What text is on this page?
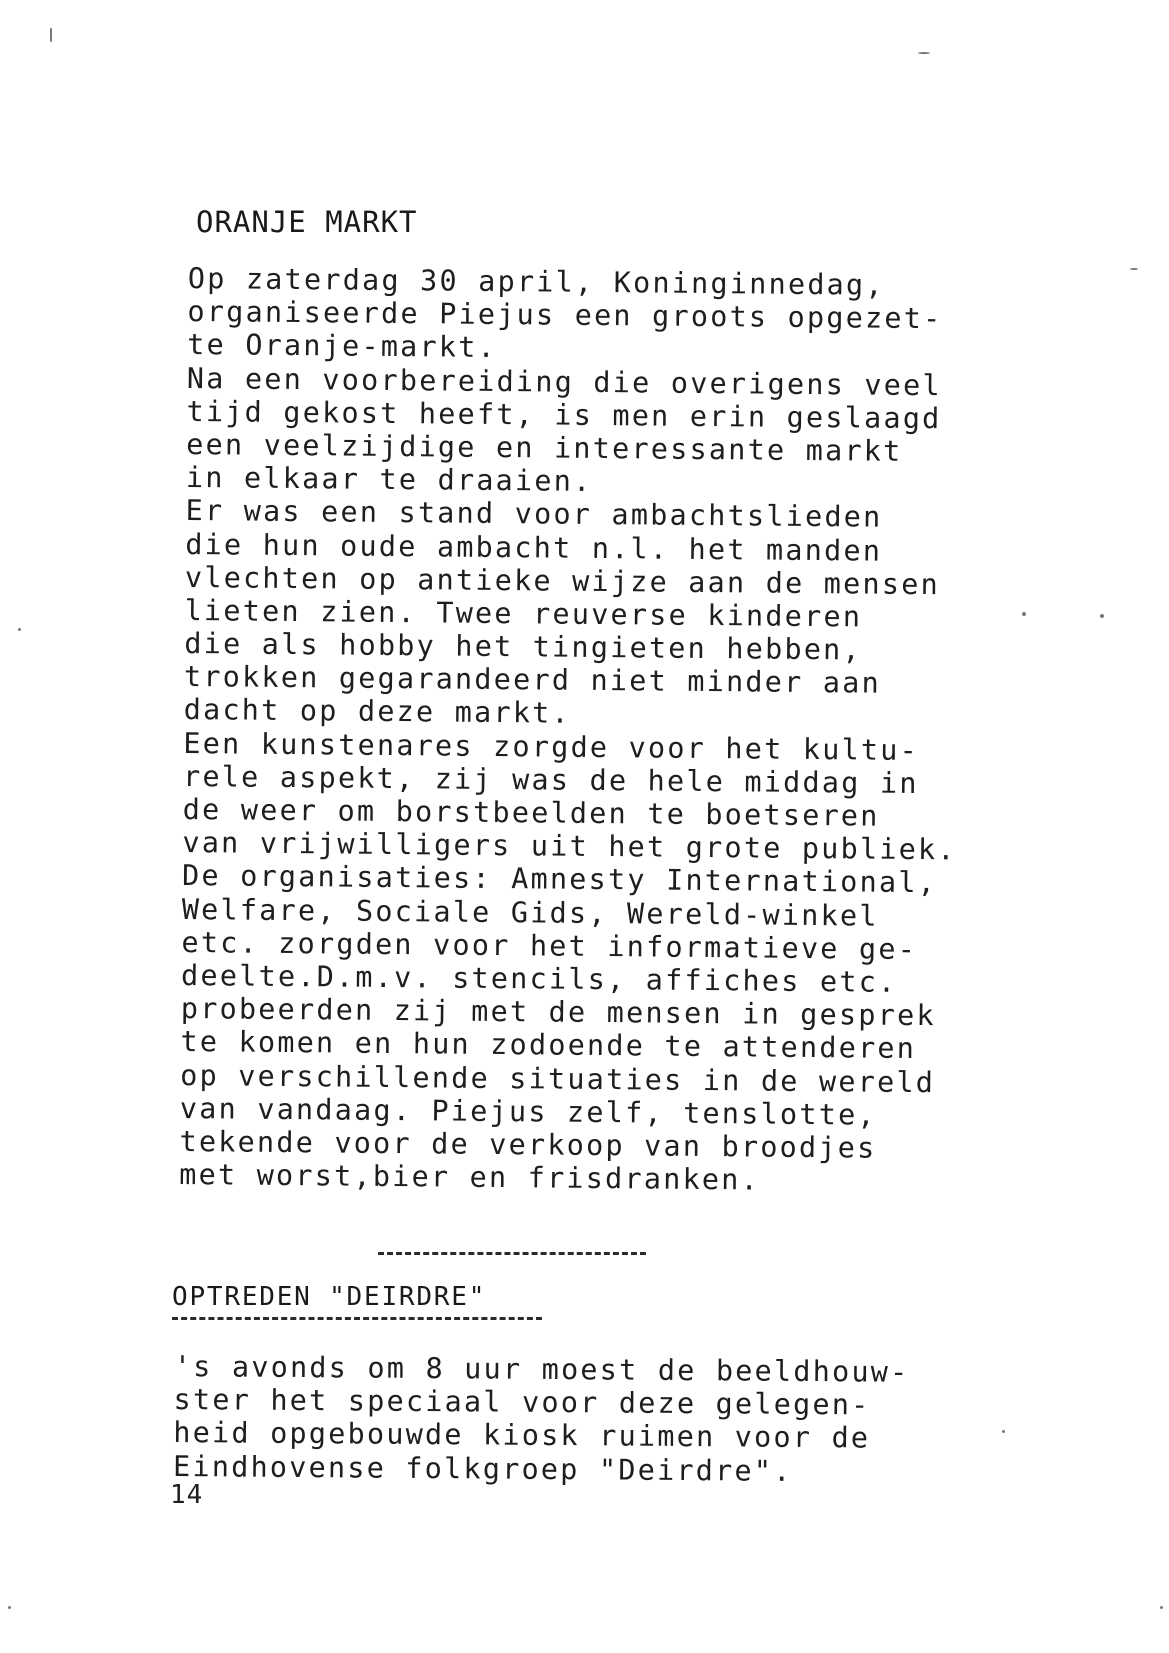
ORANJE MARKT
Op zaterdag 30 april, Koninginnedag,
organiseerde Piejus een groots opgezet-
te Oranje-markt.
Na een voorbereiding die overigens veel
tijd gekost heeft, is men erin geslaagd
een veelzijdige en interessante markt
in elkaar te draaien.
Er was een stand voor ambachtslieden
die hun oude ambacht n.l. het manden
vlechten op antieke wijze aan de mensen
lieten zien. Twee reuverse kinderen
die als hobby het tingieten hebben,
trokken gegarandeerd niet minder aan
dacht op deze markt.
Een kunstenares zorgde voor het kultu-
rele aspekt, zij was de hele middag in
de weer om borstbeelden te boetseren
van vrijwilligers uit het grote publiek.
De organisaties: Amnesty International,
Welfare, Sociale Gids, Wereld-winkel
etc. zorgden voor het informatieve ge-
deelte.D.m.v. stencils, affiches etc.
probeerden zij met de mensen in gesprek
te komen en hun zodoende te attenderen
op verschillende situaties in de wereld
van vandaag. Piejus zelf, tenslotte,
tekende voor de verkoop van broodjes
met worst,bier en frisdranken.
OPTREDEN "DEIRDRE"
's avonds om 8 uur moest de beeldhouw-
ster het speciaal voor deze gelegen-
heid opgebouwde kiosk ruimen voor de
Eindhovense folkgroep "Deirdre".
14
